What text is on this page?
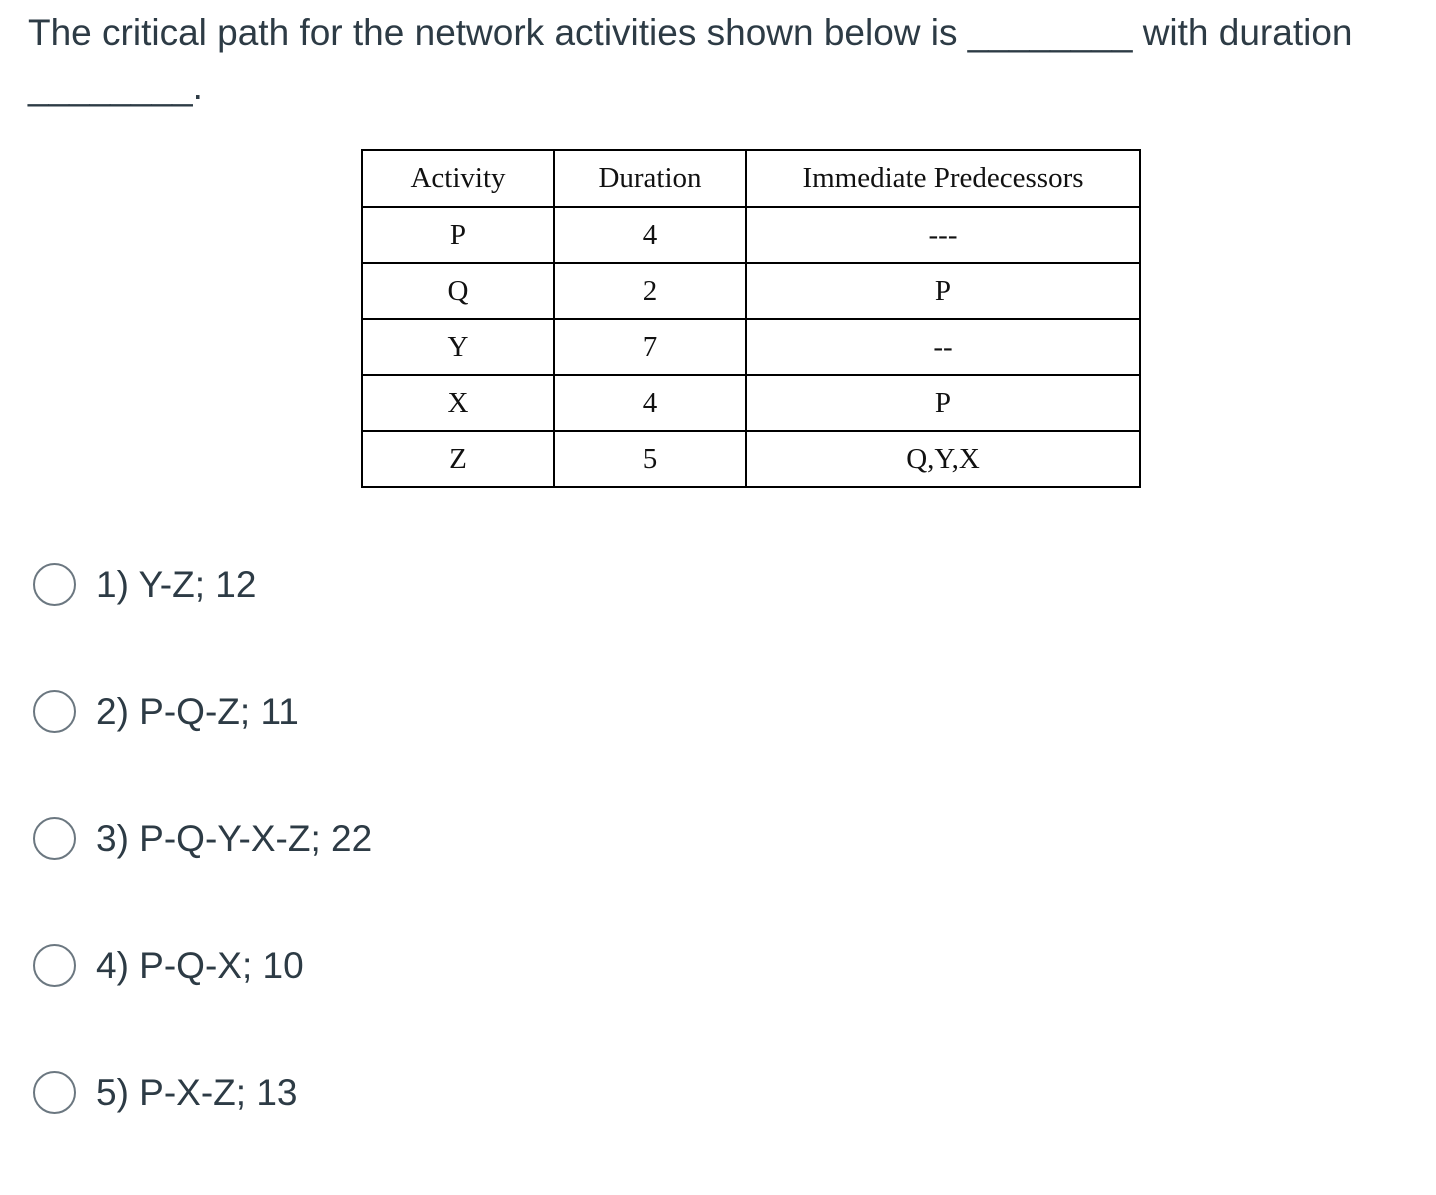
The critical path for the network activities shown below is ________ with duration ________.

Activity	Duration	Immediate Predecessors
P	4	---
Q	2	P
Y	7	--
X	4	P
Z	5	Q,Y,X
1) Y-Z; 12
2) P-Q-Z; 11
3) P-Q-Y-X-Z; 22
4) P-Q-X; 10
5) P-X-Z; 13
